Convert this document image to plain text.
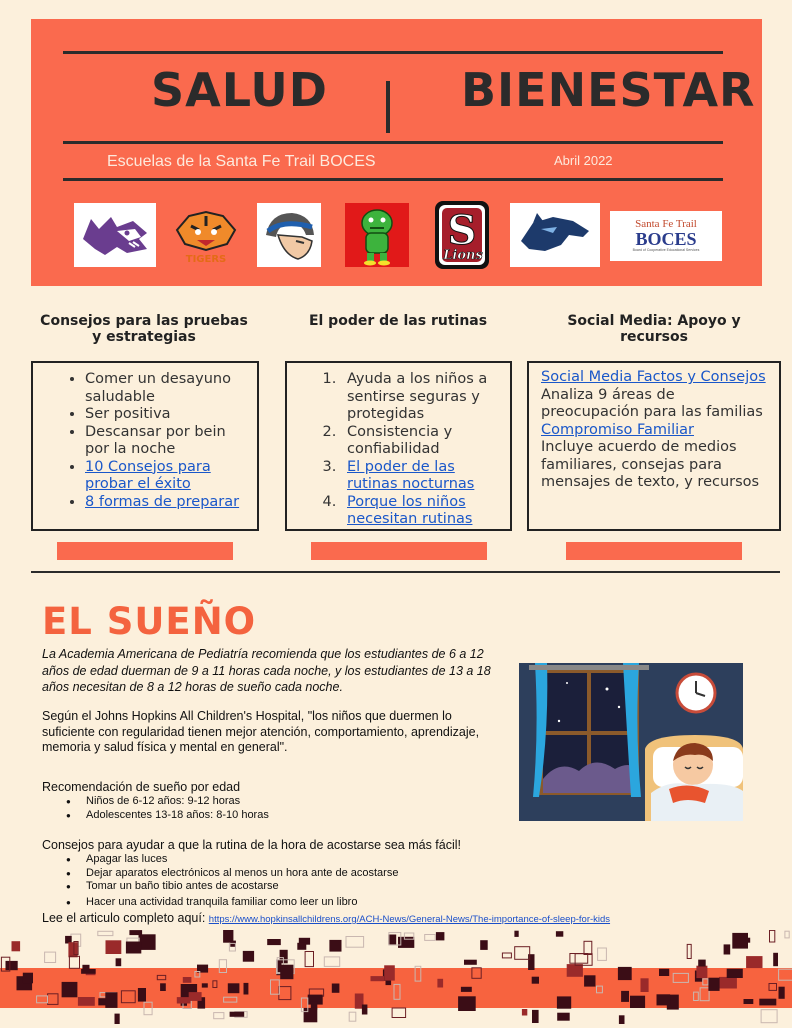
SALUD	BIENESTAR
Escuelas de la Santa Fe Trail BOCES	Abril 2022
TIGERS
S
Lions
Santa Fe Trail
BOCES
Board of Cooperative Educational Services
Consejos para las pruebas y estrategias
El poder de las rutinas	Social Media: Apoyo y recursos
• Comer un desayuno saludable
• Ser positiva
• Descansar por bein por la noche
• 10 Consejos para probar el éxito
• 8 formas de preparar
1. Ayuda a los niños a sentirse seguras y protegidas
2. Consistencia y confiabilidad
3. El poder de las rutinas nocturnas
4. Porque los niños necesitan rutinas
Social Media Factos y Consejos
Analiza 9 áreas de preocupación para las familias
Compromiso Familiar
Incluye acuerdo de medios familiares, consejas para mensajes de texto, y recursos
EL SUEÑO
La Academia Americana de Pediatría recomienda que los estudiantes de 6 a 12 años de edad duerman de 9 a 11 horas cada noche, y los estudiantes de 13 a 18 años necesitan de 8 a 12 horas de sueño cada noche.
Según el Johns Hopkins All Children's Hospital, "los niños que duermen lo suficiente con regularidad tienen mejor atención, comportamiento, aprendizaje, memoria y salud física y mental en general".
Recomendación de sueño por edad
● Niños de 6-12 años: 9-12 horas
● Adolescentes 13-18 años: 8-10 horas
Consejos para ayudar a que la rutina de la hora de acostarse sea más fácil!
● Apagar las luces
● Dejar aparatos electrónicos al menos un hora ante de acostarse
● Tomar un baño tibio antes de acostarse
● Hacer una actividad tranquila familiar como leer un libro
Lee el articulo completo aquí: https://www.hopkinsallchildrens.org/ACH-News/General-News/The-importance-of-sleep-for-kids
